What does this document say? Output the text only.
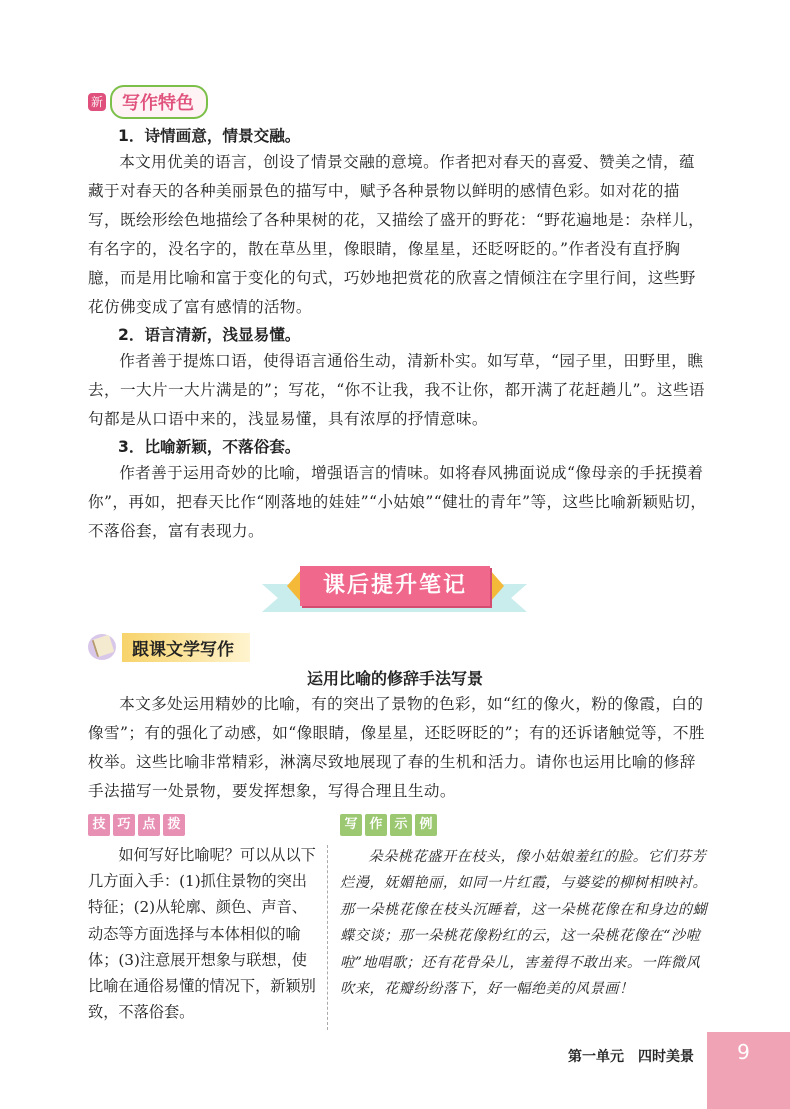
新	写作特色
1．诗情画意，情景交融。
本文用优美的语言，创设了情景交融的意境。作者把对春天的喜爱、赞美之情，蕴藏于对春天的各种美丽景色的描写中，赋予各种景物以鲜明的感情色彩。如对花的描写，既绘形绘色地描绘了各种果树的花，又描绘了盛开的野花：“野花遍地是：杂样儿，有名字的，没名字的，散在草丛里，像眼睛，像星星，还眨呀眨的。”作者没有直抒胸臆，而是用比喻和富于变化的句式，巧妙地把赏花的欣喜之情倾注在字里行间，这些野花仿佛变成了富有感情的活物。
2．语言清新，浅显易懂。
作者善于提炼口语，使得语言通俗生动，清新朴实。如写草，“园子里，田野里，瞧去，一大片一大片满是的”；写花，“你不让我，我不让你，都开满了花赶趟儿”。这些语句都是从口语中来的，浅显易懂，具有浓厚的抒情意味。
3．比喻新颖，不落俗套。
作者善于运用奇妙的比喻，增强语言的情味。如将春风拂面说成“像母亲的手抚摸着你”，再如，把春天比作“刚落地的娃娃”“小姑娘”“健壮的青年”等，这些比喻新颖贴切，不落俗套，富有表现力。
课后提升笔记
跟课文学写作
运用比喻的修辞手法写景
本文多处运用精妙的比喻，有的突出了景物的色彩，如“红的像火，粉的像霞，白的像雪”；有的强化了动感，如“像眼睛，像星星，还眨呀眨的”；有的还诉诸触觉等，不胜枚举。这些比喻非常精彩，淋漓尽致地展现了春的生机和活力。请你也运用比喻的修辞手法描写一处景物，要发挥想象，写得合理且生动。
技 巧 点 拨	写 作 示 例
如何写好比喻呢？可以从以下几方面入手：(1)抓住景物的突出特征；(2)从轮廓、颜色、声音、动态等方面选择与本体相似的喻体；(3)注意展开想象与联想，使比喻在通俗易懂的情况下，新颖别致，不落俗套。
朵朵桃花盛开在枝头，像小姑娘羞红的脸。它们芬芳烂漫，妩媚艳丽，如同一片红霞，与婆娑的柳树相映衬。那一朵桃花像在枝头沉睡着，这一朵桃花像在和身边的蝴蝶交谈；那一朵桃花像粉红的云，这一朵桃花像在“沙啦啦”地唱歌；还有花骨朵儿，害羞得不敢出来。一阵微风吹来，花瓣纷纷落下，好一幅绝美的风景画！
第一单元　四时美景	9
